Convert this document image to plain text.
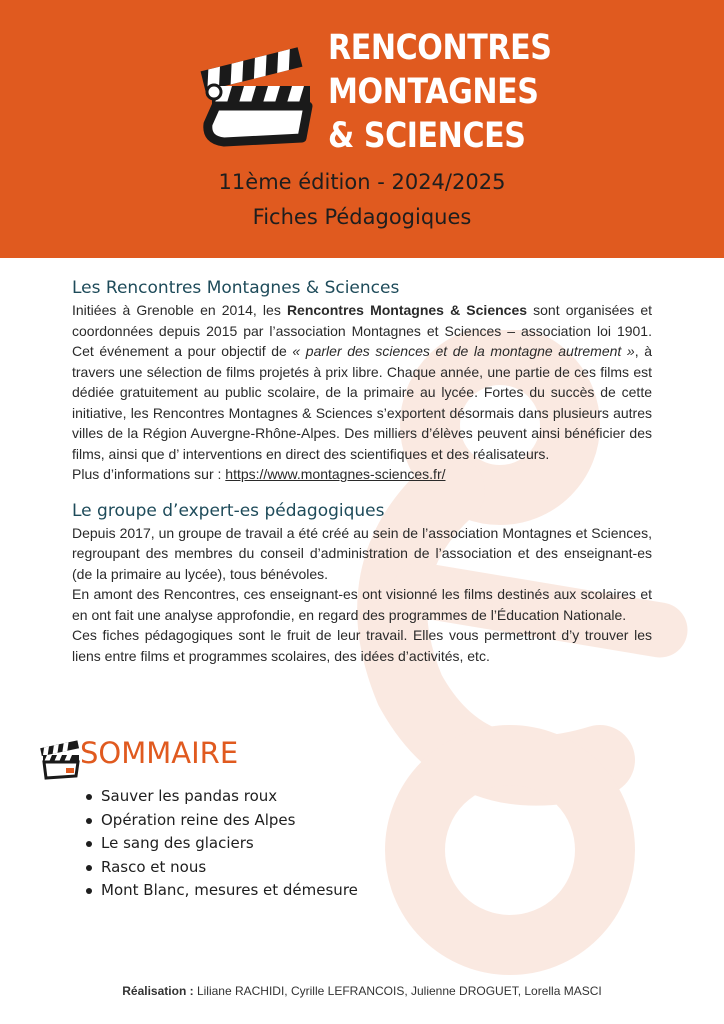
RENCONTRES
MONTAGNES
& SCIENCES
11ème édition - 2024/2025
Fiches Pédagogiques
Les Rencontres Montagnes & Sciences

Initiées à Grenoble en 2014, les Rencontres Montagnes & Sciences sont organisées et coordonnées depuis 2015 par l’association Montagnes et Sciences – association loi 1901. Cet événement a pour objectif de « parler des sciences et de la montagne autrement », à travers une sélection de films projetés à prix libre. Chaque année, une partie de ces films est dédiée gratuitement au public scolaire, de la primaire au lycée. Fortes du succès de cette initiative, les Rencontres Montagnes & Sciences s’exportent désormais dans plusieurs autres villes de la Région Auvergne-Rhône-Alpes. Des milliers d’élèves peuvent ainsi bénéficier des films, ainsi que d’ interventions en direct des scientifiques et des réalisateurs.
Plus d’informations sur : https://www.montagnes-sciences.fr/

Le groupe d’expert-es pédagogiques

Depuis 2017, un groupe de travail a été créé au sein de l’association Montagnes et Sciences, regroupant des membres du conseil d’administration de l’association et des enseignant-es (de la primaire au lycée), tous bénévoles.

En amont des Rencontres, ces enseignant-es ont visionné les films destinés aux scolaires et en ont fait une analyse approfondie, en regard des programmes de l’Éducation Nationale.

Ces fiches pédagogiques sont le fruit de leur travail. Elles vous permettront d’y trouver les liens entre films et programmes scolaires, des idées d’activités, etc.

SOMMAIRE
Sauver les pandas roux
Opération reine des Alpes
Le sang des glaciers
Rasco et nous
Mont Blanc, mesures et démesure
Réalisation : Liliane RACHIDI, Cyrille LEFRANCOIS, Julienne DROGUET, Lorella MASCI
